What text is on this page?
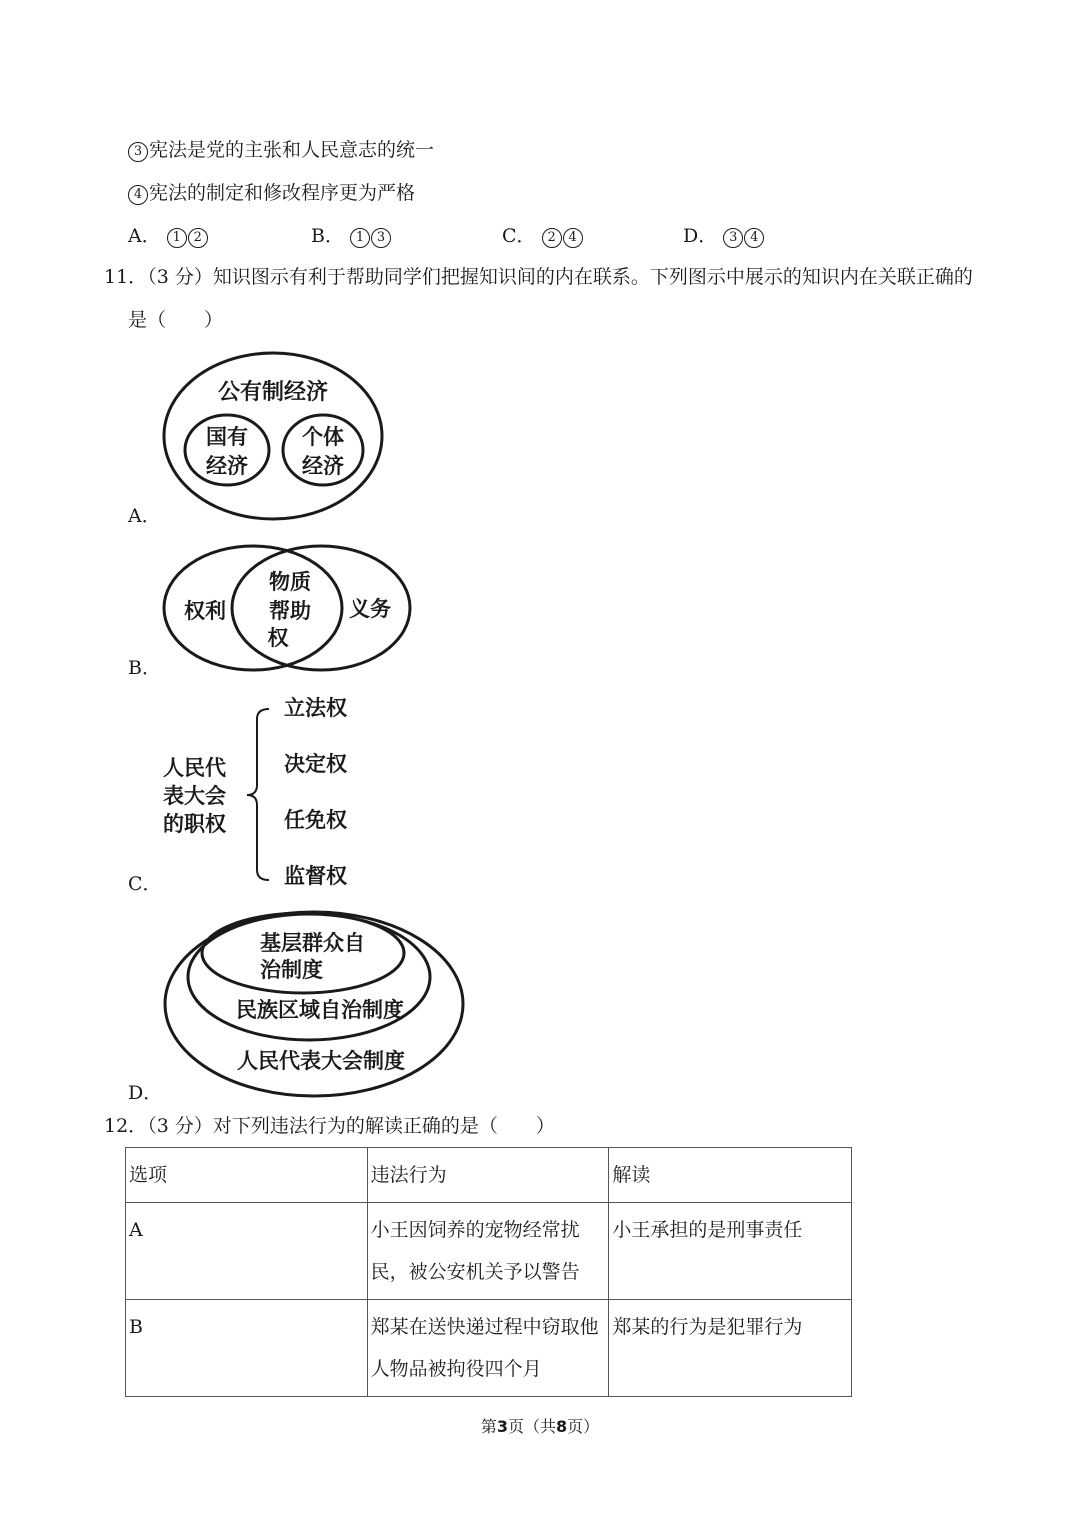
3 宪法是党的主张和人民意志的统一
4 宪法的制定和修改程序更为严格
A． 1 2	B． 1 3	C． 2 4	D． 3 4
11．（3 分）知识图示有利于帮助同学们把握知识间的内在联系。下列图示中展示的知识内在关联正确的
是（　　）
公有制经济
国有
经济
个体
经济
A．
权利
物质
帮助
权
义务
B．
人民代
表大会
的职权
立法权
决定权
任免权
监督权
C．
基层群众自
治制度
民族区域自治制度
人民代表大会制度
D．
12．（3 分）对下列违法行为的解读正确的是（　　）
选项	违法行为	解读
A	小王因饲养的宠物经常扰
民，被公安机关予以警告	小王承担的是刑事责任
B	郑某在送快递过程中窃取他
人物品被拘役四个月	郑某的行为是犯罪行为
第3页（共8页）
